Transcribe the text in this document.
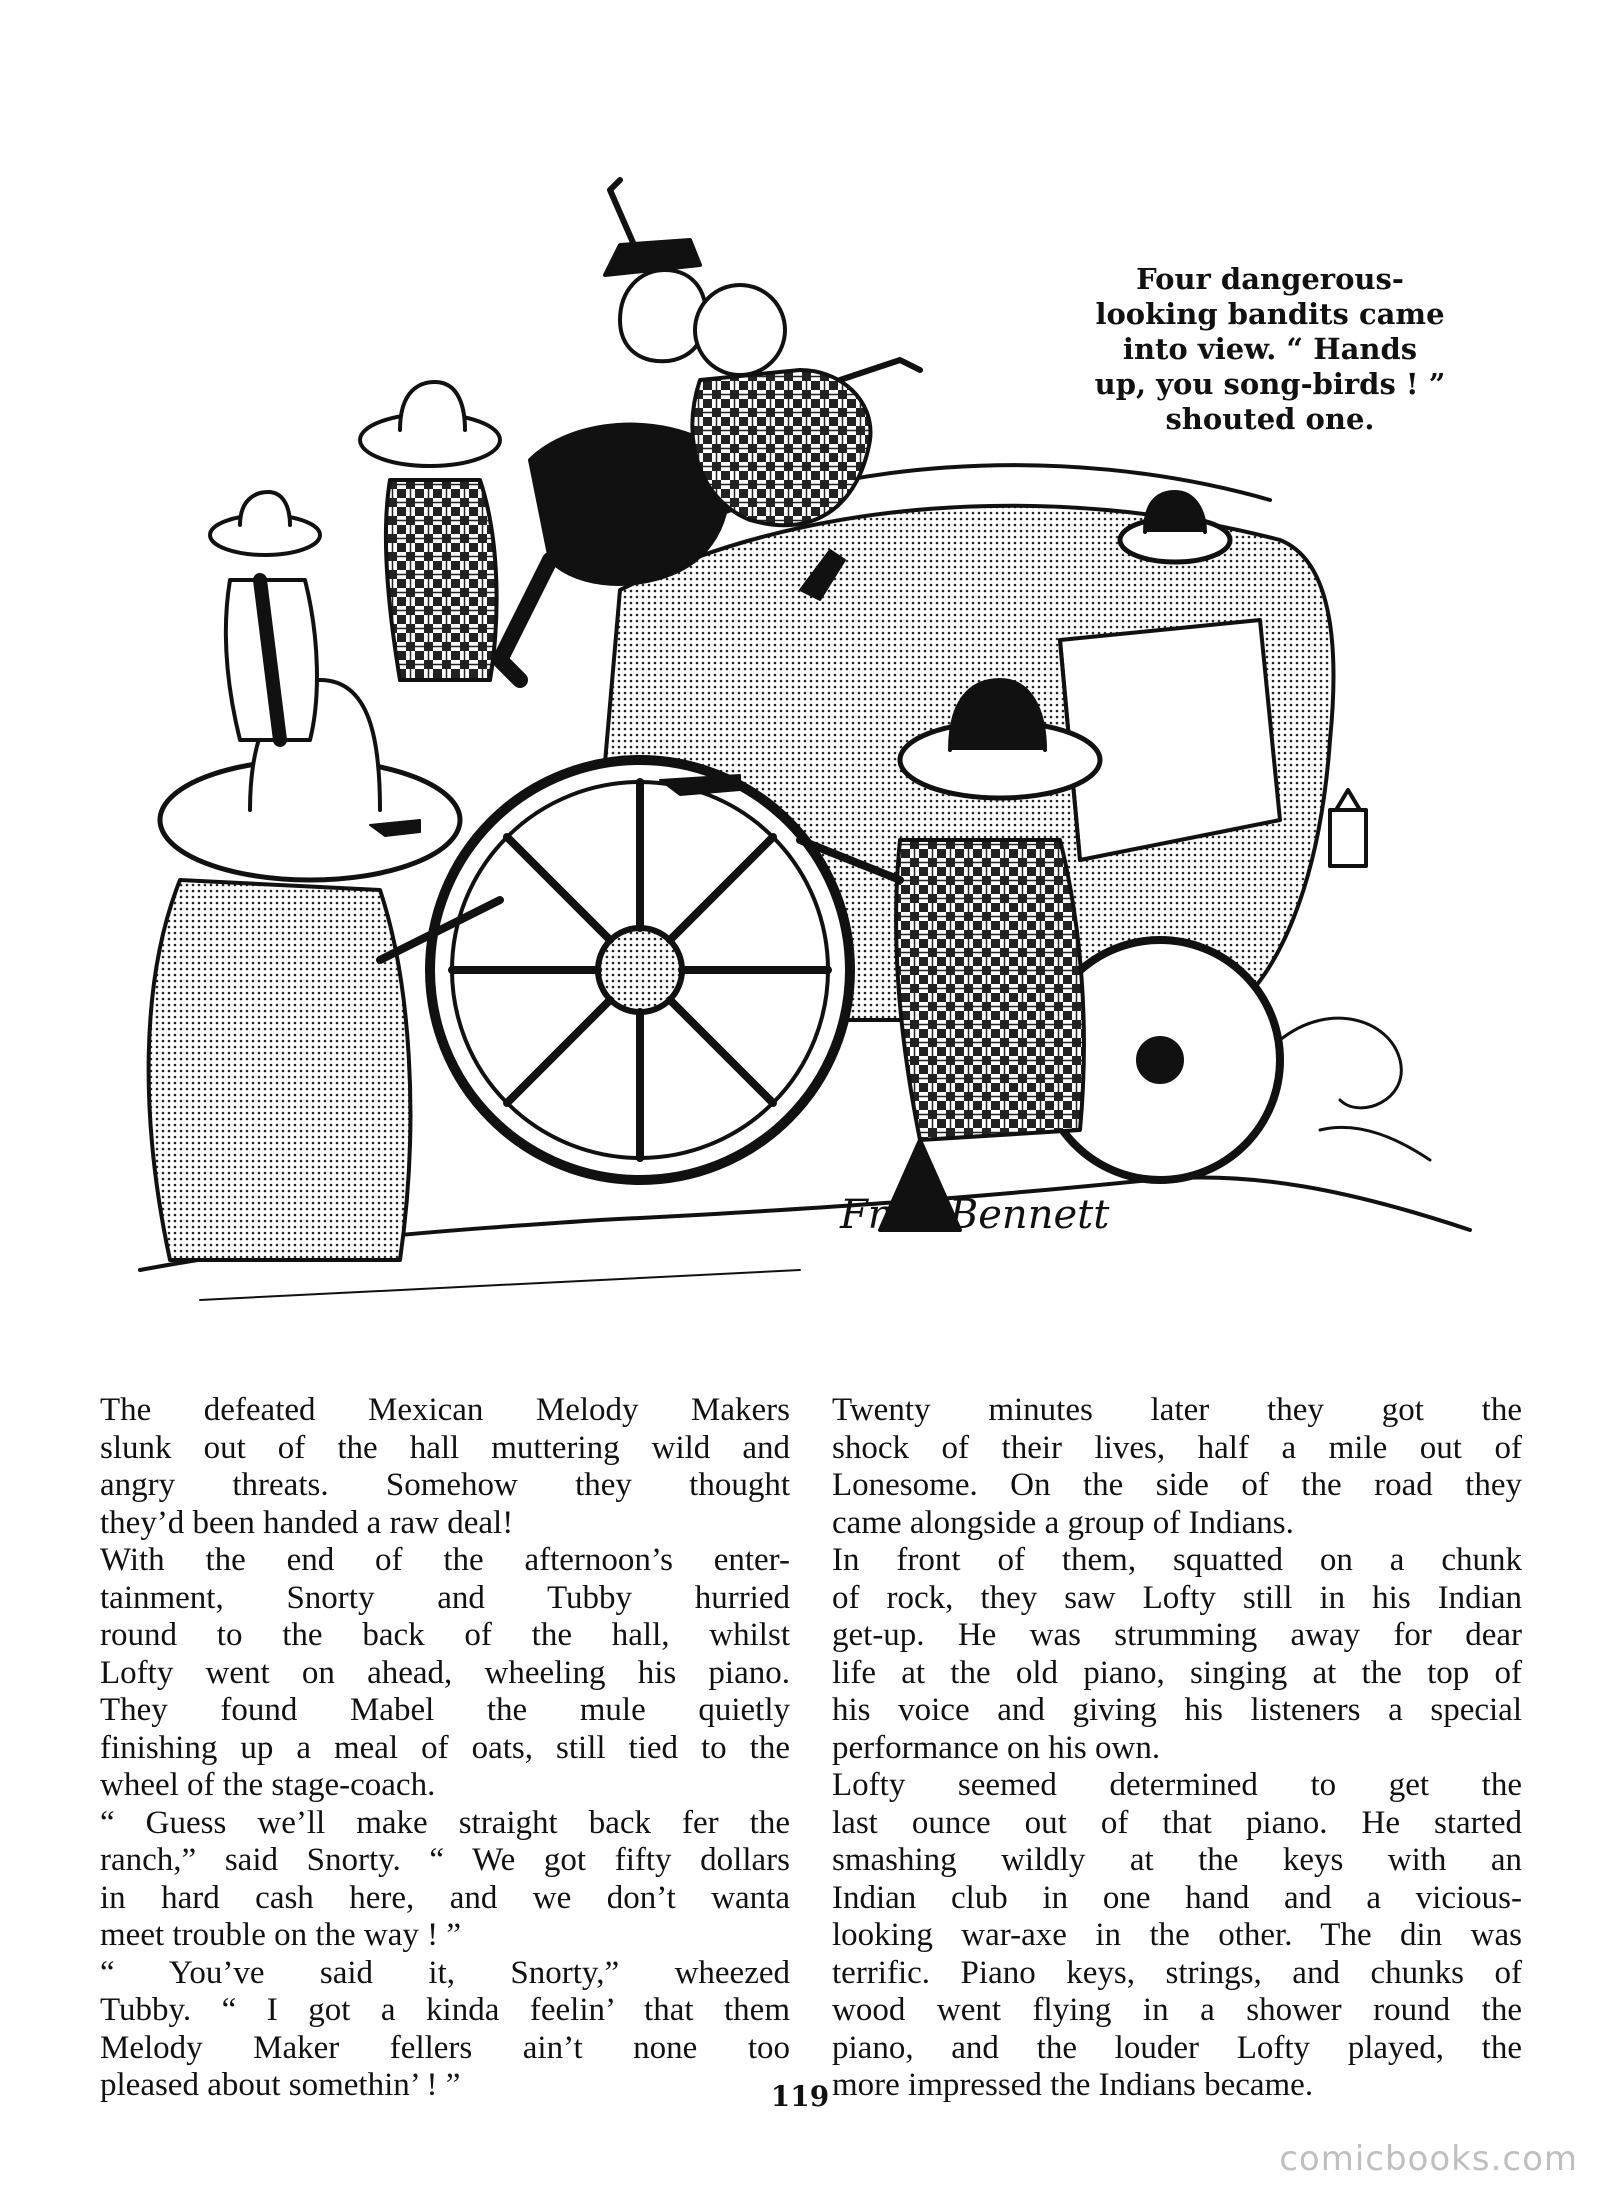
Fred Bennett
Four dangerous-
looking bandits came
into view. “ Hands
up, you song-birds ! ”
shouted one.

The defeated Mexican Melody Makers
slunk out of the hall muttering wild and
angry threats. Somehow they thought
they’d been handed a raw deal!

With the end of the afternoon’s enter-
tainment, Snorty and Tubby hurried
round to the back of the hall, whilst
Lofty went on ahead, wheeling his piano.
They found Mabel the mule quietly
finishing up a meal of oats, still tied to the
wheel of the stage-coach.

“ Guess we’ll make straight back fer the
ranch,” said Snorty. “ We got fifty dollars
in hard cash here, and we don’t wanta
meet trouble on the way ! ”

“ You’ve said it, Snorty,” wheezed
Tubby. “ I got a kinda feelin’ that them
Melody Maker fellers ain’t none too
pleased about somethin’ ! ”

Twenty minutes later they got the
shock of their lives, half a mile out of
Lonesome. On the side of the road they
came alongside a group of Indians.

In front of them, squatted on a chunk
of rock, they saw Lofty still in his Indian
get-up. He was strumming away for dear
life at the old piano, singing at the top of
his voice and giving his listeners a special
performance on his own.

Lofty seemed determined to get the
last ounce out of that piano. He started
smashing wildly at the keys with an
Indian club in one hand and a vicious-
looking war-axe in the other. The din was
terrific. Piano keys, strings, and chunks of
wood went flying in a shower round the
piano, and the louder Lofty played, the
more impressed the Indians became.

119
comicbooks.com
